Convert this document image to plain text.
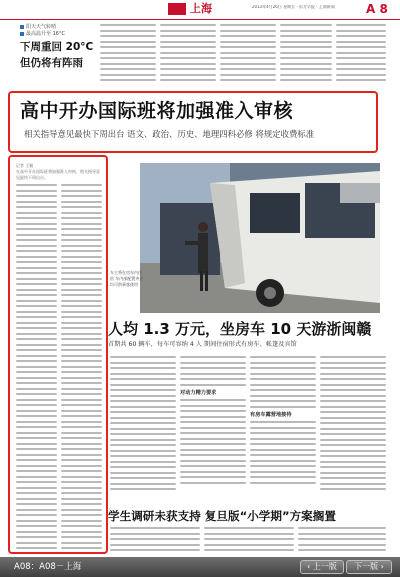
上海	2013年4月26日 星期五 · 东方早报 · 上海新闻	A 8
阳天天气转晴
最高温升至 16°C
下周重回 20°C
但仍将有阵雨
高中开办国际班将加强准入审核
相关指导意见最快下周出台 语文、政治、历史、地理四科必修 将规定收费标准
记者 王颖
在高中开办国际班将加强准入审核，相关指导意见最快下周出台。
车主将在房车内住宿 车内部配置齐全 均可供乘客使用
人均 1.3 万元，坐房车 10 天游浙闽赣
首期共 60 辆车，每车可容纳 4 人 期间住宿形式有房车、帐篷及宾馆
对动力精力要求
有房车露营地接待
学生调研未获支持 复旦版“小学期”方案搁置
A08：A08－上海	‹ 上一版	下一版 ›
